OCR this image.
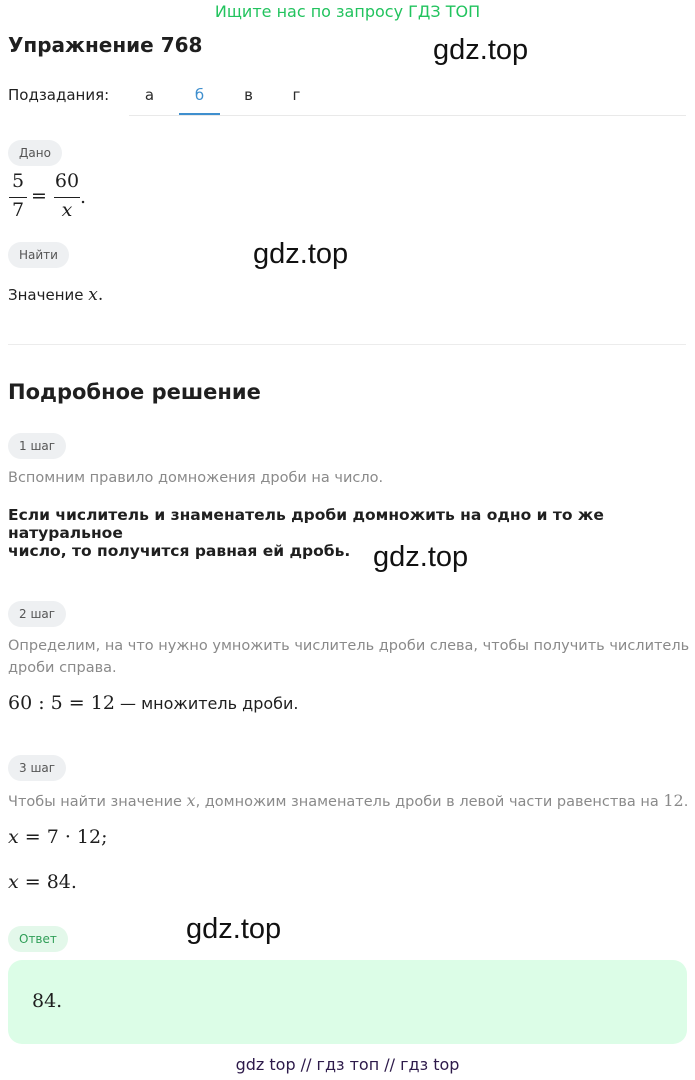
Ищите нас по запросу ГДЗ ТОП
Упражнение 768	gdz.top
gdz.top
gdz.top
gdz.top
Подзадания:	а	б	в	г
Дано
5
7
=
60
x
.
Найти
Значение x.
Подробное решение
1 шаг
Вспомним правило домножения дроби на число.
Если числитель и знаменатель дроби домножить на одно и то же натуральное
число, то получится равная ей дробь.
2 шаг
Определим, на что нужно умножить числитель дроби слева, чтобы получить числитель
дроби справа.
60 : 5 = 12 — множитель дроби.
3 шаг
Чтобы найти значение x, домножим знаменатель дроби в левой части равенства на 12.
x = 7 · 12;
x = 84.
Ответ
84.
gdz top // гдз топ // гдз top
